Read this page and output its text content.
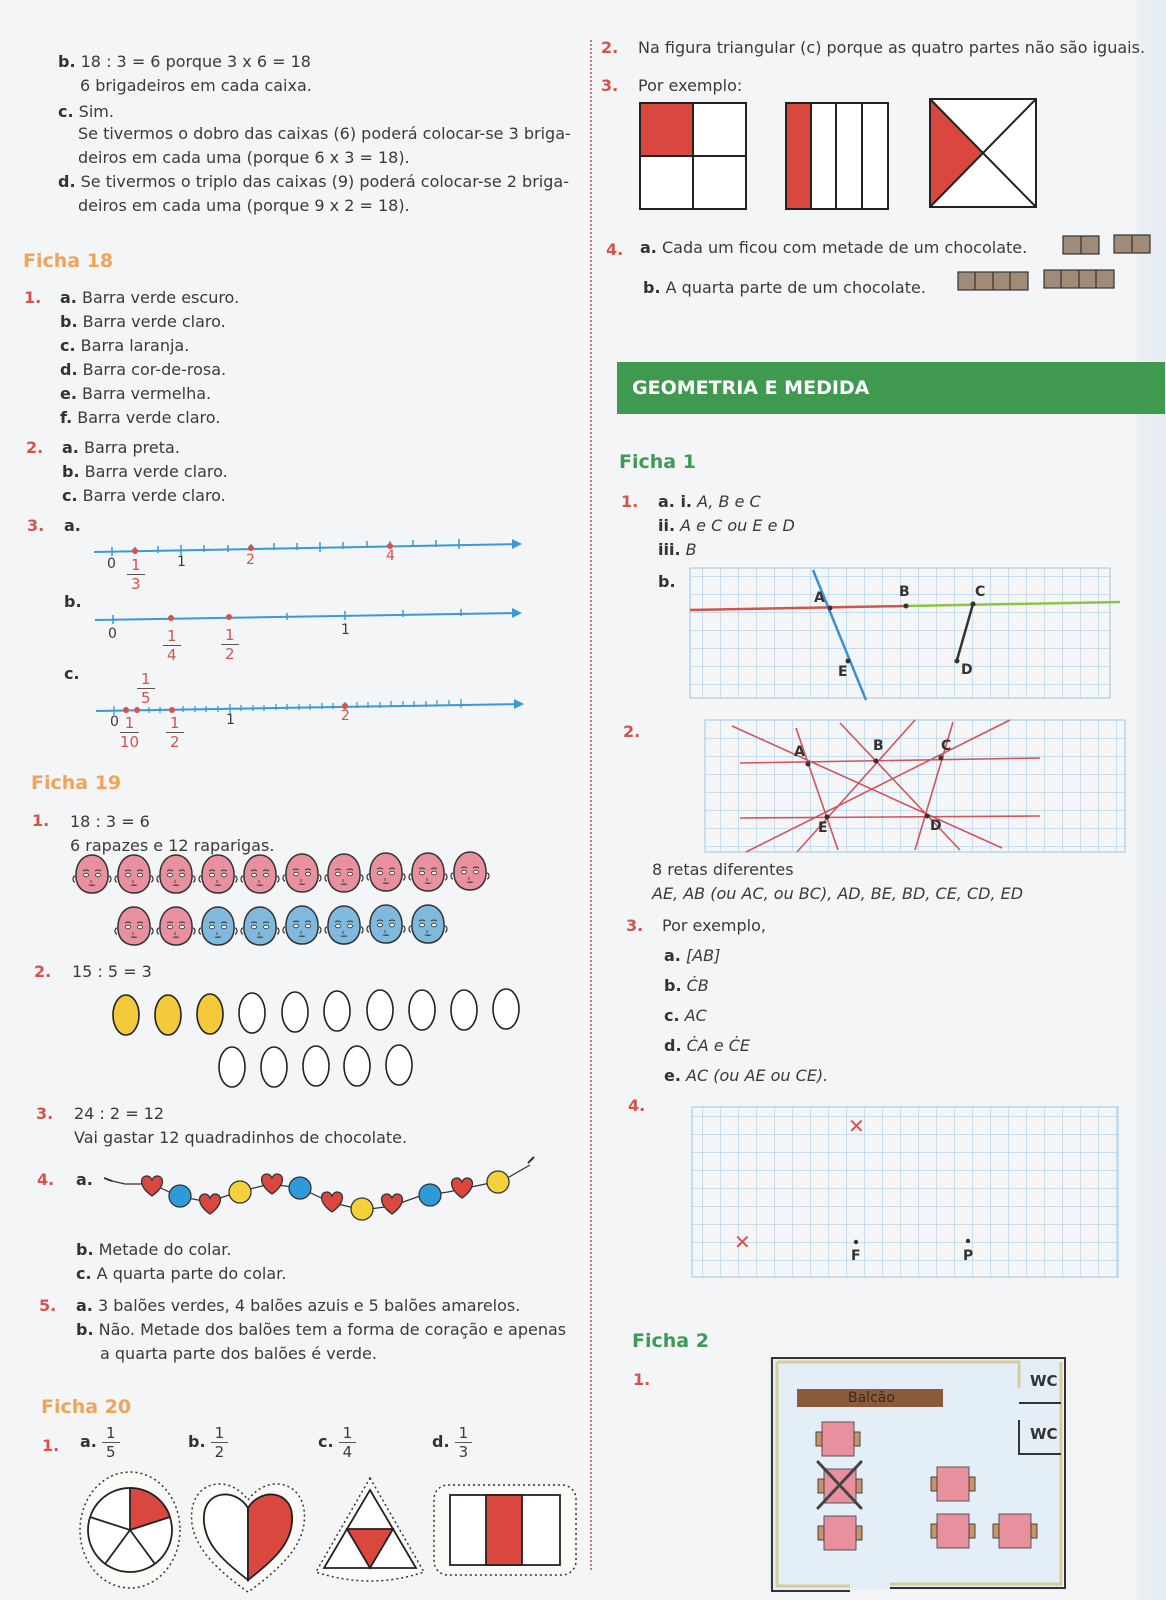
b. 18 : 3 = 6 porque 3 x 6 = 18
6 brigadeiros em cada caixa.
c. Sim.
Se tivermos o dobro das caixas (6) poderá colocar-se 3 briga-
deiros em cada uma (porque 6 x 3 = 18).
d. Se tivermos o triplo das caixas (9) poderá colocar-se 2 briga-
deiros em cada uma (porque 9 x 2 = 18).
Ficha 18
1. a. Barra verde escuro.
b. Barra verde claro.
c. Barra laranja.
d. Barra cor-de-rosa.
e. Barra vermelha.
f. Barra verde claro.
2. a. Barra preta.
b. Barra verde claro.
c. Barra verde claro.
3. a.
$0 \frac{1}{3} 1$	2	4
b.
0	$\frac{1}{4}$	$\frac{1}{2}$	1
c.	$\frac{1}{5}$
$0 \frac{1}{10} \frac{1}{2}$	1	2
Ficha 19
1. 18 : 3 = 6
6 rapazes e 12 raparigas.
2. 15 : 5 = 3
3. 24 : 2 = 12
Vai gastar 12 quadradinhos de chocolate.
4. a.
b. Metade do colar.
c. A quarta parte do colar.
5. a. 3 balões verdes, 4 balões azuis e 5 balões amarelos.
b. Não. Metade dos balões tem a forma de coração e apenas
a quarta parte dos balões é verde.
Ficha 20
1. a. $\frac{1}{5}$	b. $\frac{1}{2}$	c. $\frac{1}{4}$	d. $\frac{1}{3}$
2. Na figura triangular (c) porque as quatro partes não são iguais.
3. Por exemplo:
4. a. Cada um ficou com metade de um chocolate.
b. A quarta parte de um chocolate.
GEOMETRIA E MEDIDA
Ficha 1
1. a. i. A, B e C
ii. A e C ou E e D
iii. B
b.
A	B	C
D
E
2.
A	B	C
D
E
8 retas diferentes
AE, AB (ou AC, ou BC), AD, BE, BD, CE, CD, ED
3. Por exemplo,
a. [AB]
b. ĊB
c. AC
d. ĊA e ĊE
e. AC (ou AE ou CE).
4.
✕
✕
F	P
Ficha 2
1.
Balcão
WC
WC
